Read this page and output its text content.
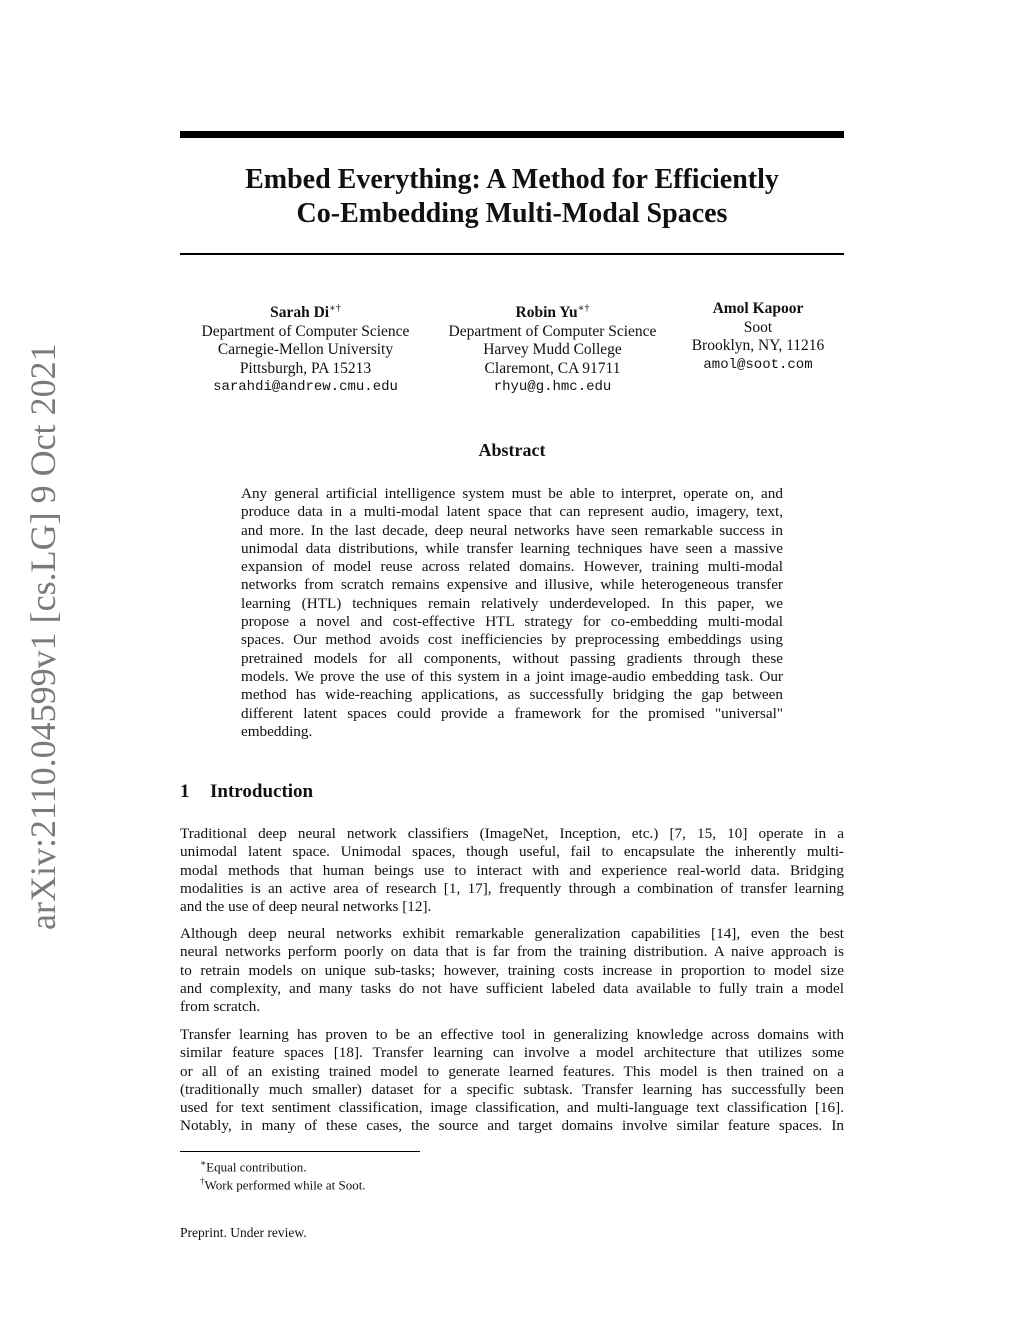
arXiv:2110.04599v1 [cs.LG] 9 Oct 2021
Embed Everything: A Method for Efficiently
Co-Embedding Multi-Modal Spaces
Sarah Di∗†
Department of Computer Science
Carnegie-Mellon University
Pittsburgh, PA 15213
sarahdi@andrew.cmu.edu
Robin Yu∗†
Department of Computer Science
Harvey Mudd College
Claremont, CA 91711
rhyu@g.hmc.edu
Amol Kapoor
Soot
Brooklyn, NY, 11216
amol@soot.com
Abstract
Any general artificial intelligence system must be able to interpret, operate on, and
produce data in a multi-modal latent space that can represent audio, imagery, text,
and more. In the last decade, deep neural networks have seen remarkable success in
unimodal data distributions, while transfer learning techniques have seen a massive
expansion of model reuse across related domains. However, training multi-modal
networks from scratch remains expensive and illusive, while heterogeneous transfer
learning (HTL) techniques remain relatively underdeveloped. In this paper, we
propose a novel and cost-effective HTL strategy for co-embedding multi-modal
spaces. Our method avoids cost inefficiencies by preprocessing embeddings using
pretrained models for all components, without passing gradients through these
models. We prove the use of this system in a joint image-audio embedding task. Our
method has wide-reaching applications, as successfully bridging the gap between
different latent spaces could provide a framework for the promised "universal"
embedding.
1 Introduction
Traditional deep neural network classifiers (ImageNet, Inception, etc.) [7, 15, 10] operate in a
unimodal latent space. Unimodal spaces, though useful, fail to encapsulate the inherently multi-
modal methods that human beings use to interact with and experience real-world data. Bridging
modalities is an active area of research [1, 17], frequently through a combination of transfer learning
and the use of deep neural networks [12].
Although deep neural networks exhibit remarkable generalization capabilities [14], even the best
neural networks perform poorly on data that is far from the training distribution. A naive approach is
to retrain models on unique sub-tasks; however, training costs increase in proportion to model size
and complexity, and many tasks do not have sufficient labeled data available to fully train a model
from scratch.
Transfer learning has proven to be an effective tool in generalizing knowledge across domains with
similar feature spaces [18]. Transfer learning can involve a model architecture that utilizes some
or all of an existing trained model to generate learned features. This model is then trained on a
(traditionally much smaller) dataset for a specific subtask. Transfer learning has successfully been
used for text sentiment classification, image classification, and multi-language text classification [16].
Notably, in many of these cases, the source and target domains involve similar feature spaces. In
∗Equal contribution.
†Work performed while at Soot.
Preprint. Under review.
